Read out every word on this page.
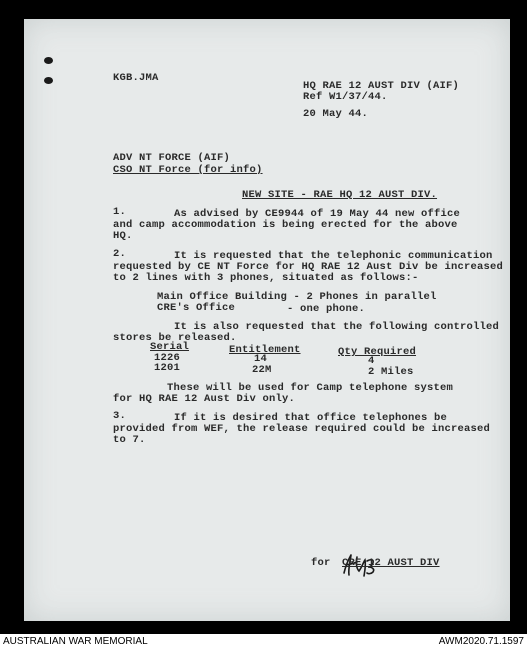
KGB.JMA
HQ RAE 12 AUST DIV (AIF)
Ref W1/37/44.
20 May 44.
ADV NT FORCE (AIF)
CSO NT Force (for info)
NEW SITE - RAE HQ 12 AUST DIV.
1.	As advised by CE9944 of 19 May 44 new office
and camp accommodation is being erected for the above
HQ.
2.	It is requested that the telephonic communication
requested by CE NT Force for HQ RAE 12 Aust Div be increased
to 2 lines with 3 phones, situated as follows:-
Main Office Building - 2 Phones in parallel
CRE's Office	- one phone.
It is also requested that the following controlled
stores be released.
Serial	Entitlement	Qty Required
1226	14	4
1201	22M	2 Miles
These will be used for Camp telephone system
for HQ RAE 12 Aust Div only.
3.	If it is desired that office telephones be
provided from WEF, the release required could be increased
to 7.
for CRE 12 AUST DIV
AUSTRALIAN WAR MEMORIAL	AWM2020.71.1597
